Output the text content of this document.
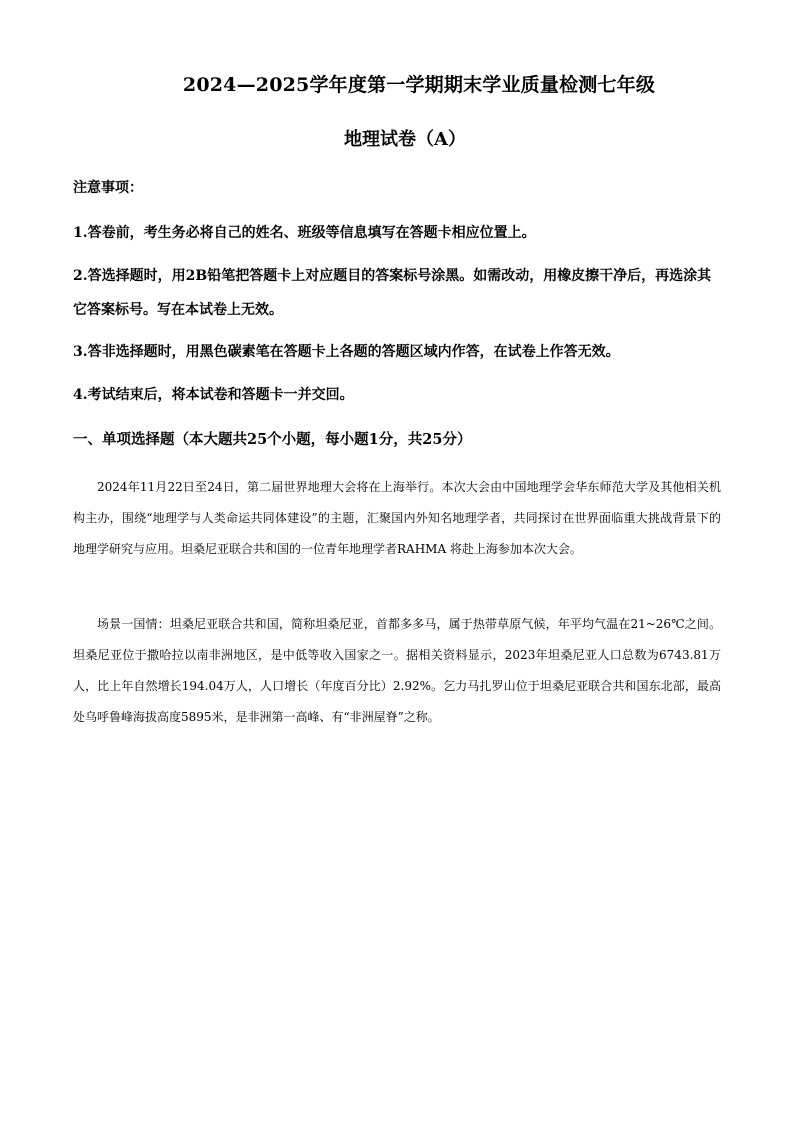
2024—2025学年度第一学期期末学业质量检测七年级
地理试卷（A）
注意事项：
1.答卷前，考生务必将自己的姓名、班级等信息填写在答题卡相应位置上。
2.答选择题时，用2B铅笔把答题卡上对应题目的答案标号涂黑。如需改动，用橡皮擦干净后，再选涂其它答案标号。写在本试卷上无效。
3.答非选择题时，用黑色碳素笔在答题卡上各题的答题区域内作答，在试卷上作答无效。
4.考试结束后，将本试卷和答题卡一并交回。
一、单项选择题（本大题共25个小题，每小题1分，共25分）
2024年11月22日至24日，第二届世界地理大会将在上海举行。本次大会由中国地理学会华东师范大学及其他相关机构主办，围绕“地理学与人类命运共同体建设”的主题，汇聚国内外知名地理学者，共同探讨在世界面临重大挑战背景下的地理学研究与应用。坦桑尼亚联合共和国的一位青年地理学者RAHMA 将赴上海参加本次大会。
场景一国情：坦桑尼亚联合共和国，简称坦桑尼亚，首都多多马，属于热带草原气候，年平均气温在21~26℃之间。坦桑尼亚位于撒哈拉以南非洲地区，是中低等收入国家之一。据相关资料显示，2023年坦桑尼亚人口总数为6743.81万人，比上年自然增长194.04万人，人口增长（年度百分比）2.92%。乞力马扎罗山位于坦桑尼亚联合共和国东北部，最高处乌呼鲁峰海拔高度5895米，是非洲第一高峰、有“非洲屋脊”之称。
